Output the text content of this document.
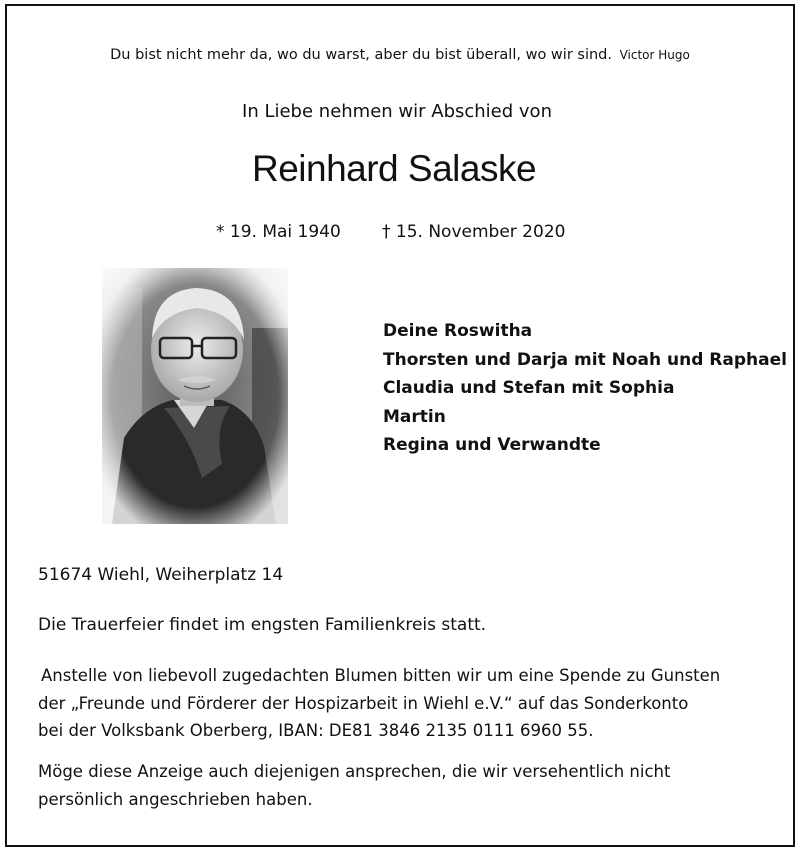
Du bist nicht mehr da, wo du warst, aber du bist überall, wo wir sind. Victor Hugo
In Liebe nehmen wir Abschied von
Reinhard Salaske
* 19. Mai 1940 † 15. November 2020
Deine Roswitha
Thorsten und Darja mit Noah und Raphael
Claudia und Stefan mit Sophia
Martin
Regina und Verwandte
51674 Wiehl, Weiherplatz 14
Die Trauerfeier findet im engsten Familienkreis statt.
Anstelle von liebevoll zugedachten Blumen bitten wir um eine Spende zu Gunsten
der „Freunde und Förderer der Hospizarbeit in Wiehl e.V.“ auf das Sonderkonto
bei der Volksbank Oberberg, IBAN: DE81 3846 2135 0111 6960 55.
Möge diese Anzeige auch diejenigen ansprechen, die wir versehentlich nicht
persönlich angeschrieben haben.
